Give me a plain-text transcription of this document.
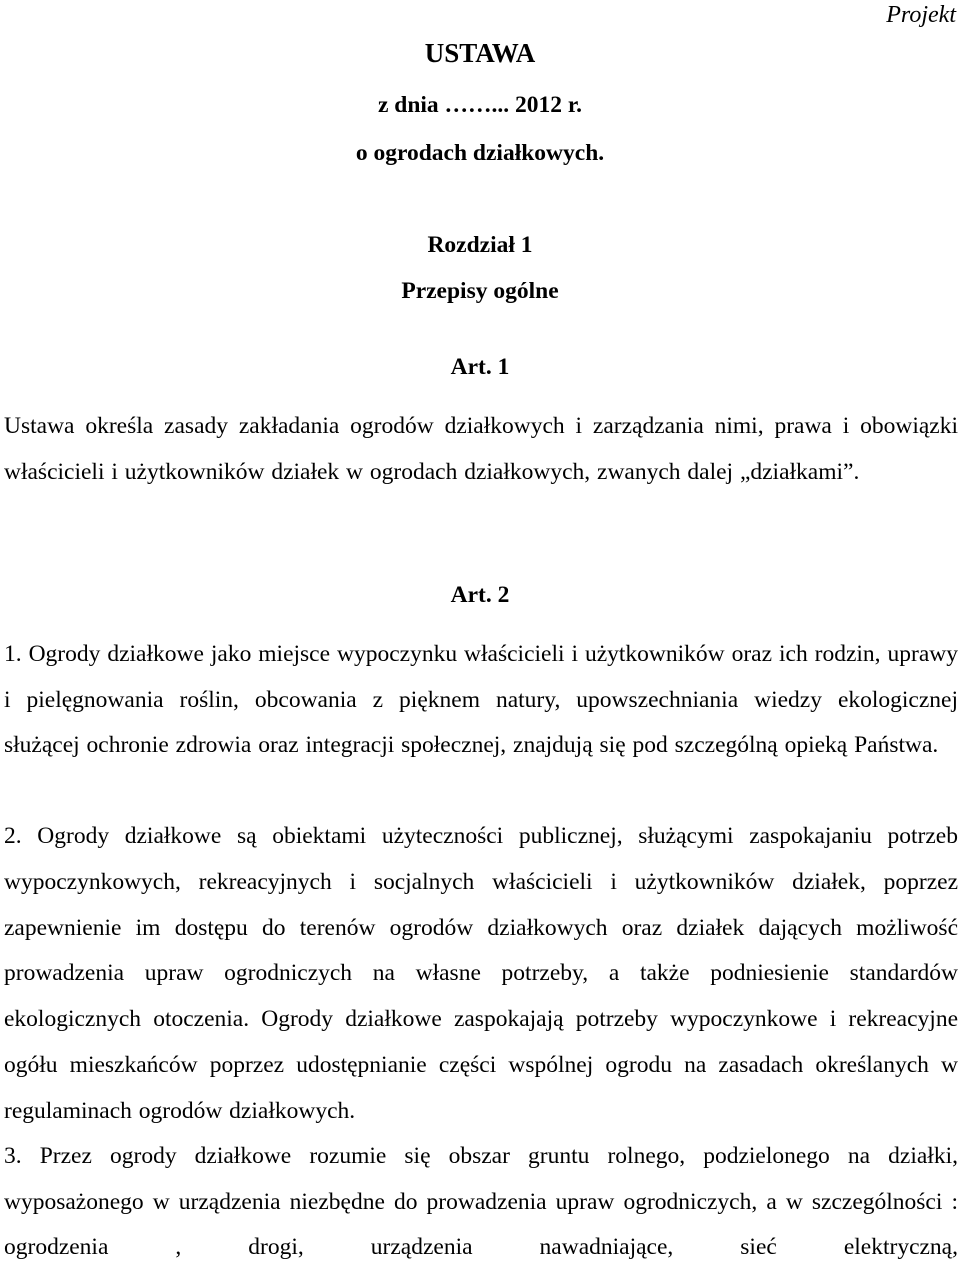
Projekt
USTAWA
z dnia ……... 2012 r.
o ogrodach działkowych.
Rozdział 1
Przepisy ogólne
Art. 1

Ustawa określa zasady zakładania ogrodów działkowych i zarządzania nimi, prawa i obowiązki właścicieli i użytkowników działek w ogrodach działkowych, zwanych dalej „działkami”.

Art. 2

1. Ogrody działkowe jako miejsce wypoczynku właścicieli i użytkowników oraz ich rodzin, uprawy i pielęgnowania roślin, obcowania z pięknem natury, upowszechniania wiedzy ekologicznej służącej ochronie zdrowia oraz integracji społecznej, znajdują się pod szczególną opieką Państwa.

2. Ogrody działkowe są obiektami użyteczności publicznej, służącymi zaspokajaniu potrzeb wypoczynkowych, rekreacyjnych i socjalnych właścicieli i użytkowników działek, poprzez zapewnienie im dostępu do terenów ogrodów działkowych oraz działek dających możliwość prowadzenia upraw ogrodniczych na własne potrzeby, a także podniesienie standardów ekologicznych otoczenia. Ogrody działkowe zaspokajają potrzeby wypoczynkowe i rekreacyjne ogółu mieszkańców poprzez udostępnianie części wspólnej ogrodu na zasadach określanych w regulaminach ogrodów działkowych.

3. Przez ogrody działkowe rozumie się obszar gruntu rolnego, podzielonego na działki, wyposażonego w urządzenia niezbędne do prowadzenia upraw ogrodniczych, a w szczególności : ogrodzenia , drogi, urządzenia nawadniające, sieć elektryczną,
